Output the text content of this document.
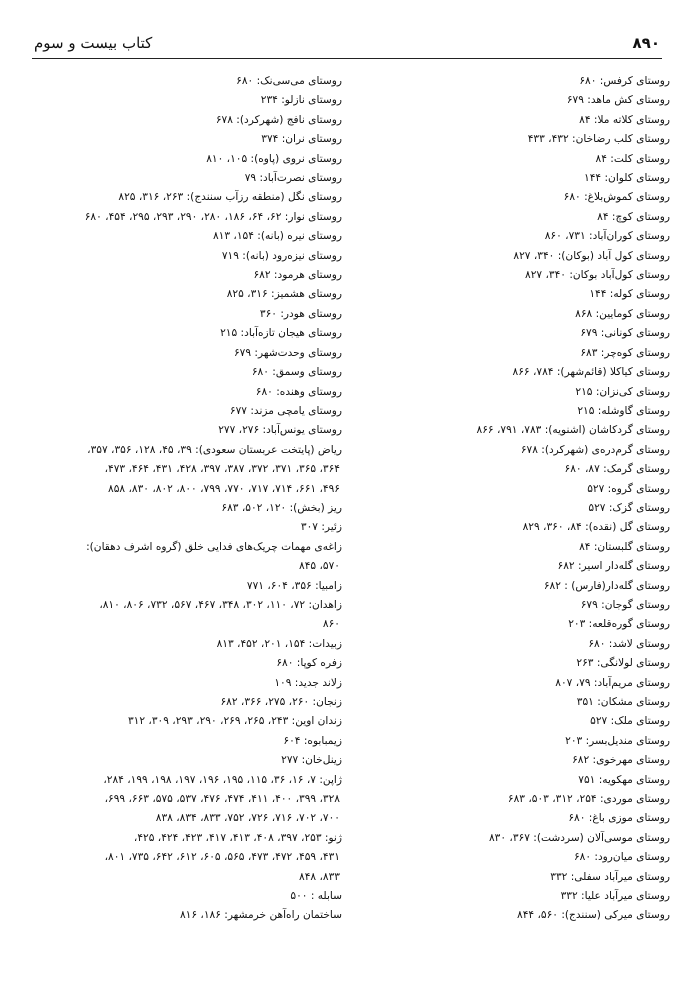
۸۹۰
کتاب بیست و سوم
روستای کرفس: ۶۸۰
روستای کش ماهد: ۶۷۹
روستای کلاته ملا: ۸۴
روستای کلب رضاخان: ۴۳۲، ۴۳۳
روستای کلت: ۸۴
روستای کلوان: ۱۴۴
روستای کموش‌بلاغ: ۶۸۰
روستای کوچ: ۸۴
روستای کوران‌آباد: ۷۳۱، ۸۶۰
روستای کول آباد (بوکان): ۳۴۰، ۸۲۷
روستای کول‌آباد بوکان: ۳۴۰، ۸۲۷
روستای کوله: ۱۴۴
روستای کومایین: ۸۶۸
روستای کونانی: ۶۷۹
روستای کوه‌چر: ۶۸۳
روستای کیاکلا (قائم‌شهر): ۷۸۴، ۸۶۶
روستای کی‌نزان: ۲۱۵
روستای گاوشله: ۲۱۵
روستای گردکاشان (اشنویه): ۷۸۳، ۷۹۱، ۸۶۶
روستای گرم‌دره‌ی (شهرکرد): ۶۷۸
روستای گرمک: ۸۷، ۶۸۰
روستای گروه: ۵۲۷
روستای گزک: ۵۲۷
روستای گل (نقده): ۸۴، ۳۶۰، ۸۲۹
روستای گلبستان: ۸۴
روستای گله‌دار اسیر: ۶۸۲
روستای گله‌دار(فارس) : ۶۸۲
روستای گوجان: ۶۷۹
روستای گوره‌قلعه: ۲۰۳
روستای لاشد: ۶۸۰
روستای لولانگی: ۲۶۳
روستای مریم‌آباد: ۷۹، ۸۰۷
روستای مشکان: ۳۵۱
روستای ملک: ۵۲۷
روستای مندیل‌بسر: ۲۰۳
روستای مهرخوی: ۶۸۲
روستای مهکویه: ۷۵۱
روستای موردی: ۲۵۴، ۳۱۲، ۵۰۳، ۶۸۳
روستای موزی باغ: ۶۸۰
روستای موسی‌آلان (سردشت): ۳۶۷، ۸۳۰
روستای میان‌رود: ۶۸۰
روستای میرآباد سفلی: ۳۳۲
روستای میرآباد علیا: ۳۳۲
روستای میرکی (سنندج): ۵۶۰، ۸۴۴
روستای می‌سی‌نک: ۶۸۰
روستای نازلو: ۲۳۴
روستای نافج (شهرکرد): ۶۷۸
روستای نران: ۳۷۴
روستای نروی (پاوه): ۱۰۵، ۸۱۰
روستای نصرت‌آباد: ۷۹
روستای نگل (منطقه رزآب سنندج): ۲۶۳، ۳۱۶، ۸۲۵
روستای نوار: ۶۲، ۶۴، ۱۸۶، ۲۸۰، ۲۹۰، ۲۹۳، ۲۹۵، ۴۵۴، ۶۸۰
روستای نیره (بانه): ۱۵۴، ۸۱۳
روستای نیزه‌رود (بانه): ۷۱۹
روستای هرمود: ۶۸۲
روستای هشمیز: ۳۱۶، ۸۲۵
روستای هودر: ۳۶۰
روستای هیجان تازه‌آباد: ۲۱۵
روستای وحدت‌شهر: ۶۷۹
روستای وسمق: ۶۸۰
روستای وهنده: ۶۸۰
روستای یامچی مزند: ۶۷۷
روستای یونس‌آباد: ۲۷۶، ۲۷۷
ریاض (پایتخت عربستان سعودی): ۳۹، ۴۵، ۱۲۸، ۳۵۶، ۳۵۷،
۳۶۴، ۳۶۵، ۳۷۱، ۳۷۲، ۳۸۷، ۳۹۷، ۴۲۸، ۴۳۱، ۴۶۴، ۴۷۳،
۴۹۶، ۶۶۱، ۷۱۴، ۷۱۷، ۷۷۰، ۷۹۹، ۸۰۰، ۸۰۲، ۸۳۰، ۸۵۸
ریز (بخش): ۱۲۰، ۵۰۲، ۶۸۳
زئیر: ۳۰۷
زاغه‌ی مهمات چریک‌های فدایی خلق (گروه اشرف دهقان):
۵۷۰، ۸۴۵
زامبیا: ۳۵۶، ۶۰۴، ۷۷۱
زاهدان: ۷۲، ۱۱۰، ۳۰۲، ۳۴۸، ۴۶۷، ۵۶۷، ۷۳۲، ۸۰۶، ۸۱۰،
۸۶۰
زبیدات: ۱۵۴، ۲۰۱، ۴۵۲، ۸۱۳
زفره کوپا: ۶۸۰
زلاند جدید: ۱۰۹
زنجان: ۲۶۰، ۲۷۵، ۳۶۶، ۶۸۲
زندان اوین: ۲۴۳، ۲۶۵، ۲۶۹، ۲۹۰، ۲۹۳، ۳۰۹، ۳۱۲
زیمبابوه: ۶۰۴
زینل‌خان: ۲۷۷
ژاپن: ۷، ۱۶، ۳۶، ۱۱۵، ۱۹۵، ۱۹۶، ۱۹۷، ۱۹۸، ۱۹۹، ۲۸۴،
۳۲۸، ۳۹۹، ۴۰۰، ۴۱۱، ۴۷۴، ۴۷۶، ۵۳۷، ۵۷۵، ۶۶۳، ۶۹۹،
۷۰۰، ۷۰۲، ۷۱۶، ۷۲۶، ۷۵۲، ۸۳۳، ۸۳۴، ۸۳۸
ژنو: ۲۵۳، ۳۹۷، ۴۰۸، ۴۱۳، ۴۱۷، ۴۲۳، ۴۲۴، ۴۲۵،
۴۳۱، ۴۵۹، ۴۷۲، ۴۷۳، ۵۶۵، ۶۰۵، ۶۱۲، ۶۴۲، ۷۳۵، ۸۰۱،
۸۳۳، ۸۴۸
سابله : ۵۰۰
ساختمان راه‌آهن خرمشهر: ۱۸۶، ۸۱۶
